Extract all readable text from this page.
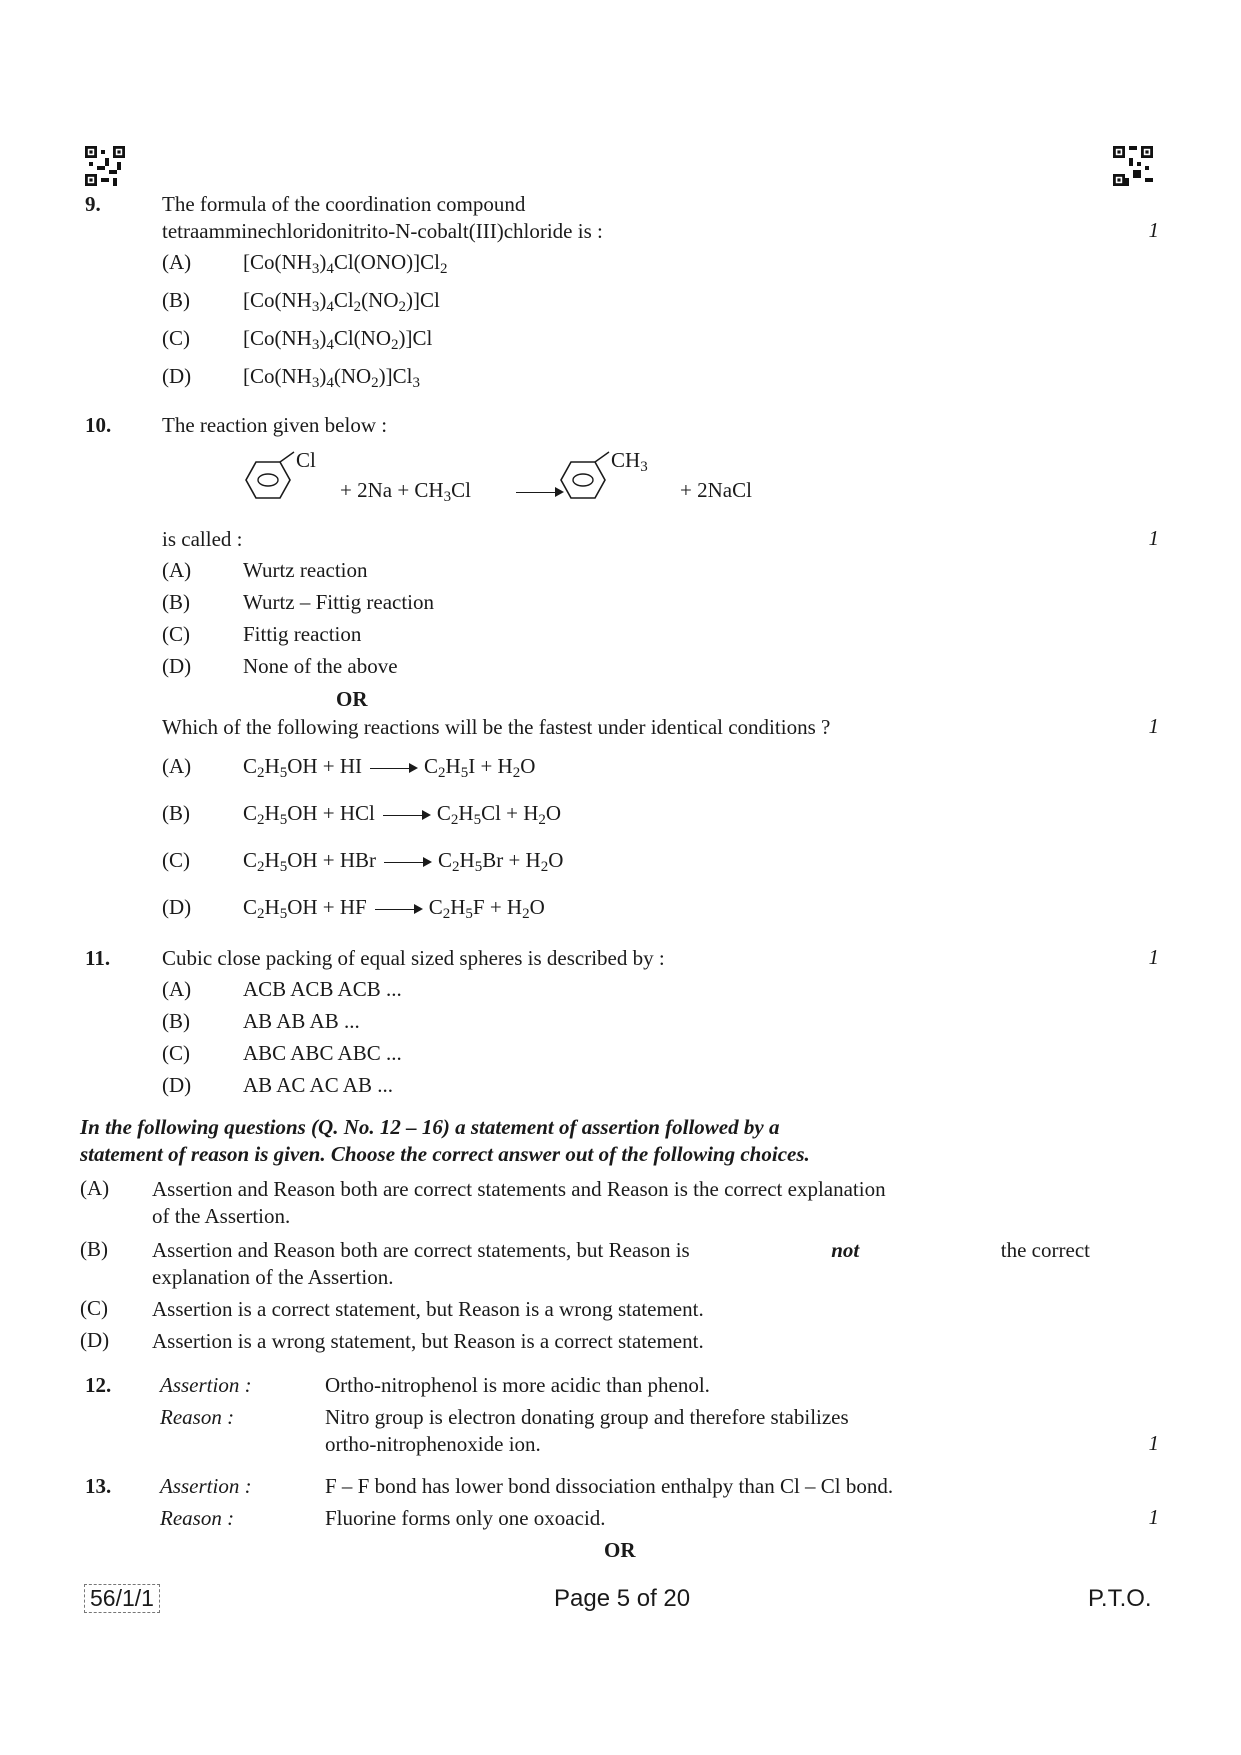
9.	The formula of the coordination compound
tetraamminechloridonitrito-N-cobalt(III)chloride is :	1
(A) $[Co(NH_3)_4Cl(ONO)]Cl_2$
(B)	$[Co(NH_3)_4Cl_2(NO_2)]Cl$
(C)	$[Co(NH_3)_4Cl(NO_2)]Cl$
(D) $[Co(NH_3)_4(NO_2)]Cl_3$
10. The reaction given below :
Cl
+ $2Na + CH_3Cl$
$CH_3$
+ 2NaCl
is called :	1
(A) Wurtz reaction
(B)	Wurtz – Fittig reaction
(C)	Fittig reaction
(D) None of the above
OR
Which of the following reactions will be the fastest under identical conditions ?	1
(A) $C_2H_5OH$ + HI	$C_2H_5I + H_2O$
(B)	$C_2H_5OH$ + HCl	$C_2H_5Cl + H_2O$
(C)	$C_2H_5OH$ + HBr	$C_2H_5Br + H_2O$
(D) $C_2H_5OH$ + HF	$C_2H_5F + H_2O$
11. Cubic close packing of equal sized spheres is described by :	1
(A) ACB ACB ACB ...
(B)	AB AB AB ...
(C)	ABC ABC ABC ...
(D) AB AC AC AB ...
In the following questions (Q. No. 12 – 16) a statement of assertion followed by a
statement of reason is given. Choose the correct answer out of the following choices.
(A) Assertion and Reason both are correct statements and Reason is the correct explanation
of the Assertion.
(B) Assertion and Reason both are correct statements, but Reason is	not	the correct
explanation of the Assertion.
(C) Assertion is a correct statement, but Reason is a wrong statement.
(D) Assertion is a wrong statement, but Reason is a correct statement.
12. Assertion :	Ortho-nitrophenol is more acidic than phenol.
Reason :	Nitro group is electron donating group and therefore stabilizes
ortho-nitrophenoxide ion.	1
13. Assertion :	F – F bond has lower bond dissociation enthalpy than Cl – Cl bond.
Reason :	Fluorine forms only one oxoacid.	1
OR
56/1/1	Page 5 of 20	P.T.O.
